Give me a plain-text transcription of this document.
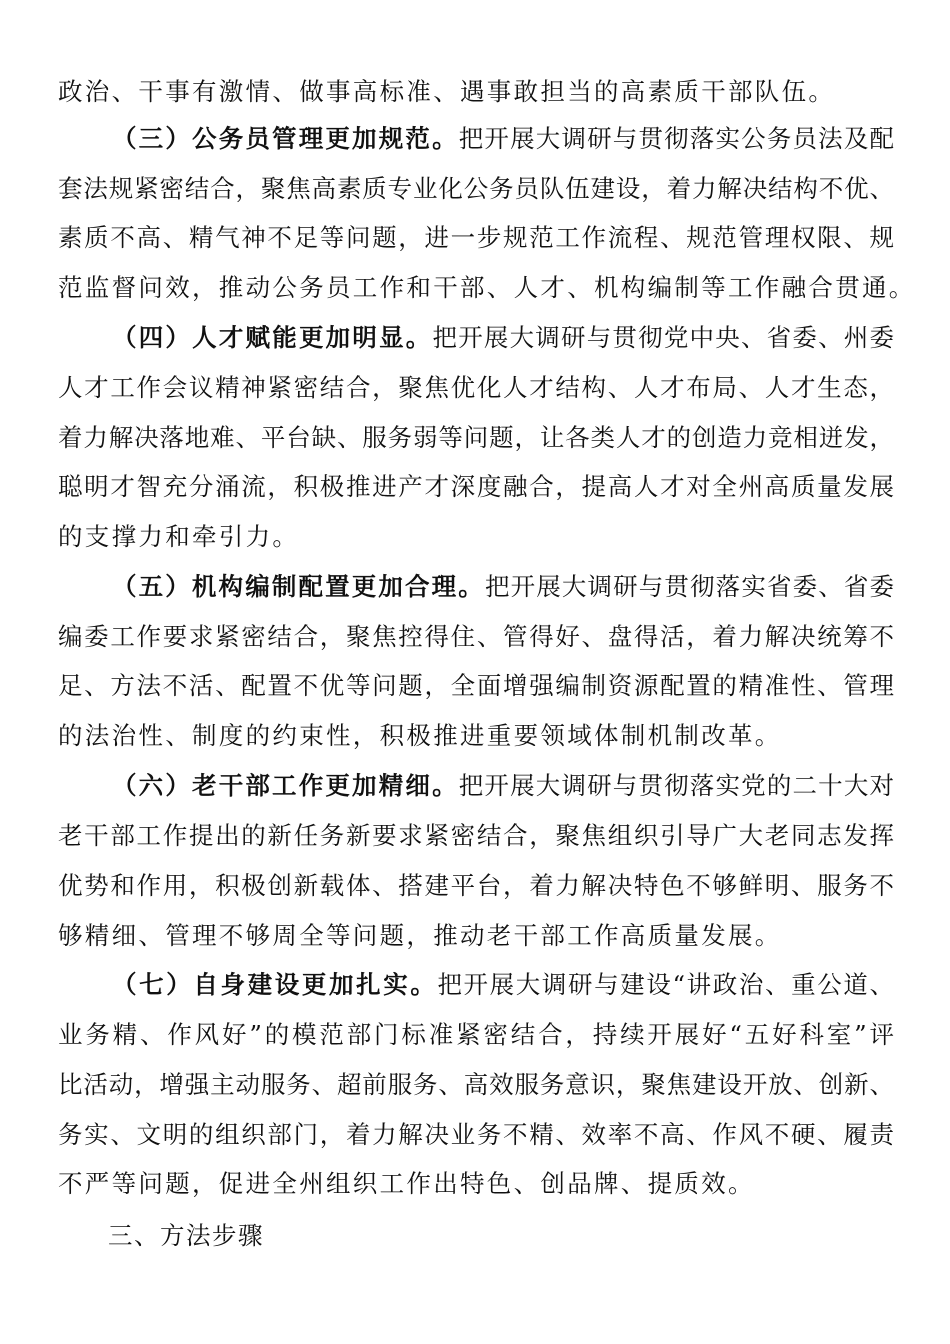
政治、干事有激情、做事高标准、遇事敢担当的高素质干部队伍。
（三）公务员管理更加规范。把开展大调研与贯彻落实公务员法及配
套法规紧密结合，聚焦高素质专业化公务员队伍建设，着力解决结构不优、
素质不高、精气神不足等问题，进一步规范工作流程、规范管理权限、规
范监督问效，推动公务员工作和干部、人才、机构编制等工作融合贯通。
（四）人才赋能更加明显。把开展大调研与贯彻党中央、省委、州委
人才工作会议精神紧密结合，聚焦优化人才结构、人才布局、人才生态，
着力解决落地难、平台缺、服务弱等问题，让各类人才的创造力竞相迸发，
聪明才智充分涌流，积极推进产才深度融合，提高人才对全州高质量发展
的支撑力和牵引力。
（五）机构编制配置更加合理。把开展大调研与贯彻落实省委、省委
编委工作要求紧密结合，聚焦控得住、管得好、盘得活，着力解决统筹不
足、方法不活、配置不优等问题，全面增强编制资源配置的精准性、管理
的法治性、制度的约束性，积极推进重要领域体制机制改革。
（六）老干部工作更加精细。把开展大调研与贯彻落实党的二十大对
老干部工作提出的新任务新要求紧密结合，聚焦组织引导广大老同志发挥
优势和作用，积极创新载体、搭建平台，着力解决特色不够鲜明、服务不
够精细、管理不够周全等问题，推动老干部工作高质量发展。
（七）自身建设更加扎实。把开展大调研与建设“讲政治、重公道、
业务精、作风好”的模范部门标准紧密结合，持续开展好“五好科室”评
比活动，增强主动服务、超前服务、高效服务意识，聚焦建设开放、创新、
务实、文明的组织部门，着力解决业务不精、效率不高、作风不硬、履责
不严等问题，促进全州组织工作出特色、创品牌、提质效。
三、方法步骤
